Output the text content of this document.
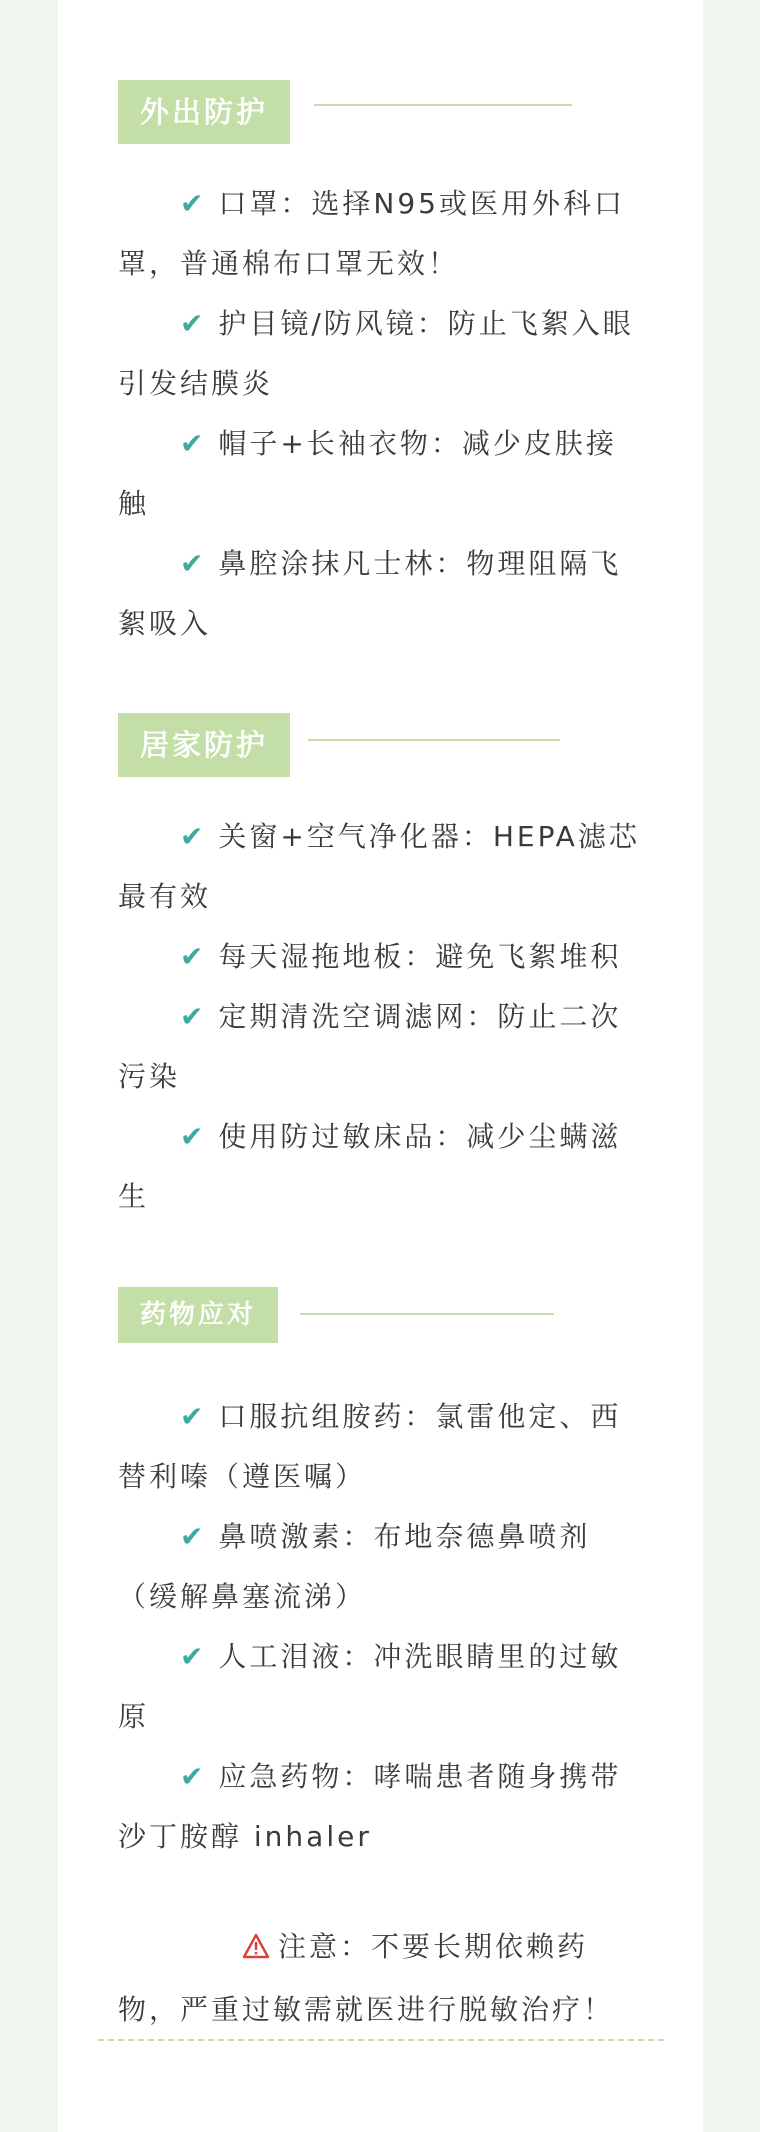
外出防护

✔ 口罩：选择N95或医用外科口罩，普通棉布口罩无效！

✔ 护目镜/防风镜：防止飞絮入眼引发结膜炎

✔ 帽子+长袖衣物：减少皮肤接触

✔ 鼻腔涂抹凡士林：物理阻隔飞絮吸入

居家防护

✔ 关窗+空气净化器：HEPA滤芯最有效

✔ 每天湿拖地板：避免飞絮堆积

✔ 定期清洗空调滤网：防止二次污染

✔ 使用防过敏床品：减少尘螨滋生

药物应对

✔ 口服抗组胺药：氯雷他定、西替利嗪（遵医嘱）

✔ 鼻喷激素：布地奈德鼻喷剂（缓解鼻塞流涕）

✔ 人工泪液：冲洗眼睛里的过敏原

✔ 应急药物：哮喘患者随身携带沙丁胺醇 inhaler

注意：不要长期依赖药物，严重过敏需就医进行脱敏治疗！
